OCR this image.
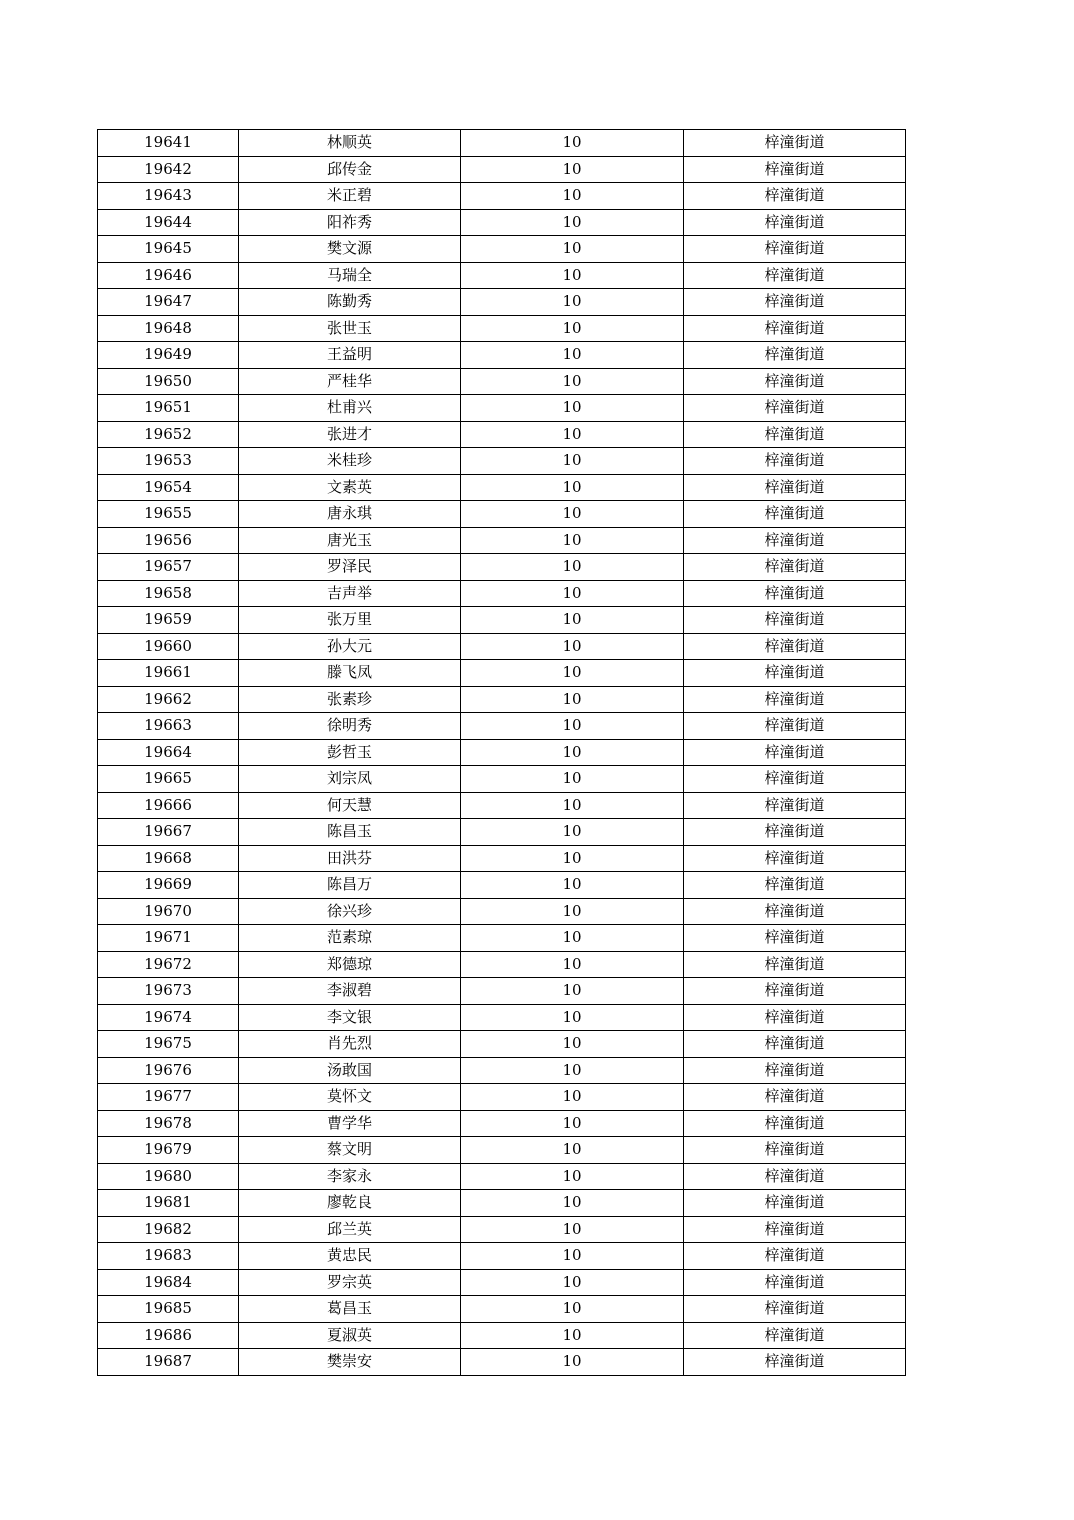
19641	林顺英	10	梓潼街道
19642	邱传金	10	梓潼街道
19643	米正碧	10	梓潼街道
19644	阳祚秀	10	梓潼街道
19645	樊文源	10	梓潼街道
19646	马瑞全	10	梓潼街道
19647	陈勤秀	10	梓潼街道
19648	张世玉	10	梓潼街道
19649	王益明	10	梓潼街道
19650	严桂华	10	梓潼街道
19651	杜甫兴	10	梓潼街道
19652	张进才	10	梓潼街道
19653	米桂珍	10	梓潼街道
19654	文素英	10	梓潼街道
19655	唐永琪	10	梓潼街道
19656	唐光玉	10	梓潼街道
19657	罗泽民	10	梓潼街道
19658	吉声举	10	梓潼街道
19659	张万里	10	梓潼街道
19660	孙大元	10	梓潼街道
19661	滕飞凤	10	梓潼街道
19662	张素珍	10	梓潼街道
19663	徐明秀	10	梓潼街道
19664	彭哲玉	10	梓潼街道
19665	刘宗凤	10	梓潼街道
19666	何天慧	10	梓潼街道
19667	陈昌玉	10	梓潼街道
19668	田洪芬	10	梓潼街道
19669	陈昌万	10	梓潼街道
19670	徐兴珍	10	梓潼街道
19671	范素琼	10	梓潼街道
19672	郑德琼	10	梓潼街道
19673	李淑碧	10	梓潼街道
19674	李文银	10	梓潼街道
19675	肖先烈	10	梓潼街道
19676	汤敢国	10	梓潼街道
19677	莫怀文	10	梓潼街道
19678	曹学华	10	梓潼街道
19679	蔡文明	10	梓潼街道
19680	李家永	10	梓潼街道
19681	廖乾良	10	梓潼街道
19682	邱兰英	10	梓潼街道
19683	黄忠民	10	梓潼街道
19684	罗宗英	10	梓潼街道
19685	葛昌玉	10	梓潼街道
19686	夏淑英	10	梓潼街道
19687	樊崇安	10	梓潼街道
